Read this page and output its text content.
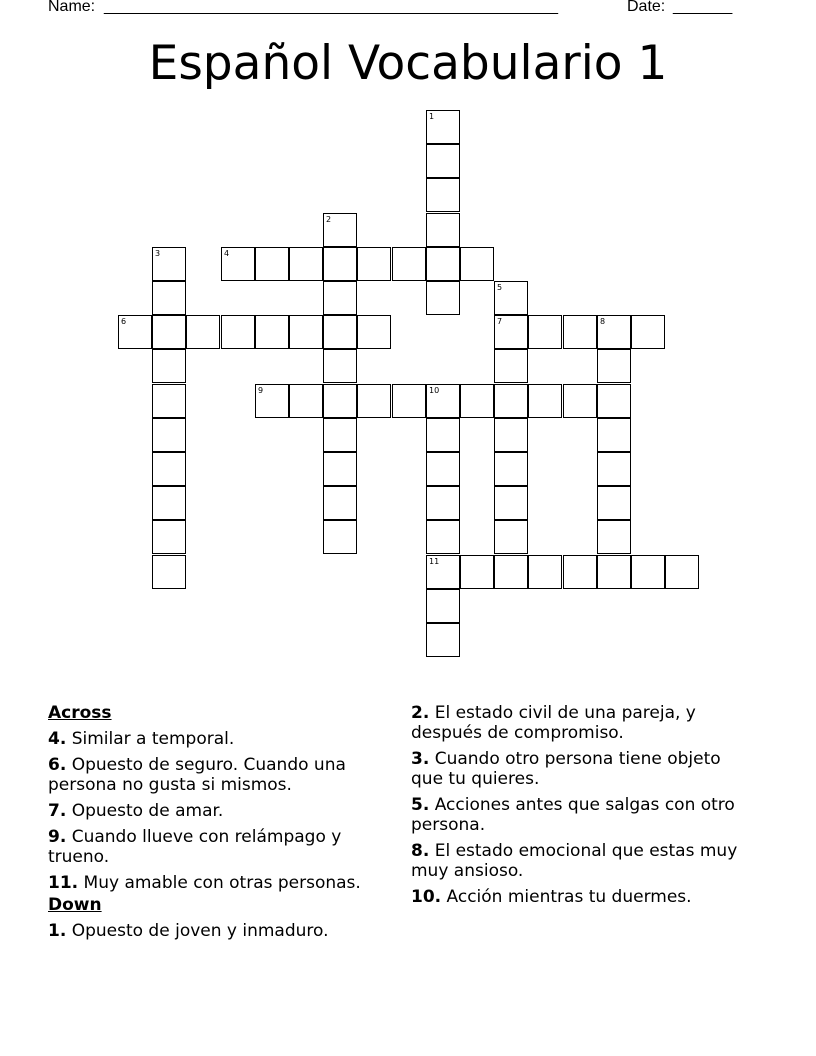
Name: ______________________________________________________	Date: _______
Español Vocabulario 1
1
2
3	4
5
7
6	8
9	10
11
Across
4. Similar a temporal.
6. Opuesto de seguro. Cuando una persona no gusta si mismos.
7. Opuesto de amar.
9. Cuando llueve con relámpago y trueno.
11. Muy amable con otras personas.
Down
1. Opuesto de joven y inmaduro.
2. El estado civil de una pareja, y después de compromiso.
3. Cuando otro persona tiene objeto que tu quieres.
5. Acciones antes que salgas con otro persona.
8. El estado emocional que estas muy muy ansioso.
10. Acción mientras tu duermes.
